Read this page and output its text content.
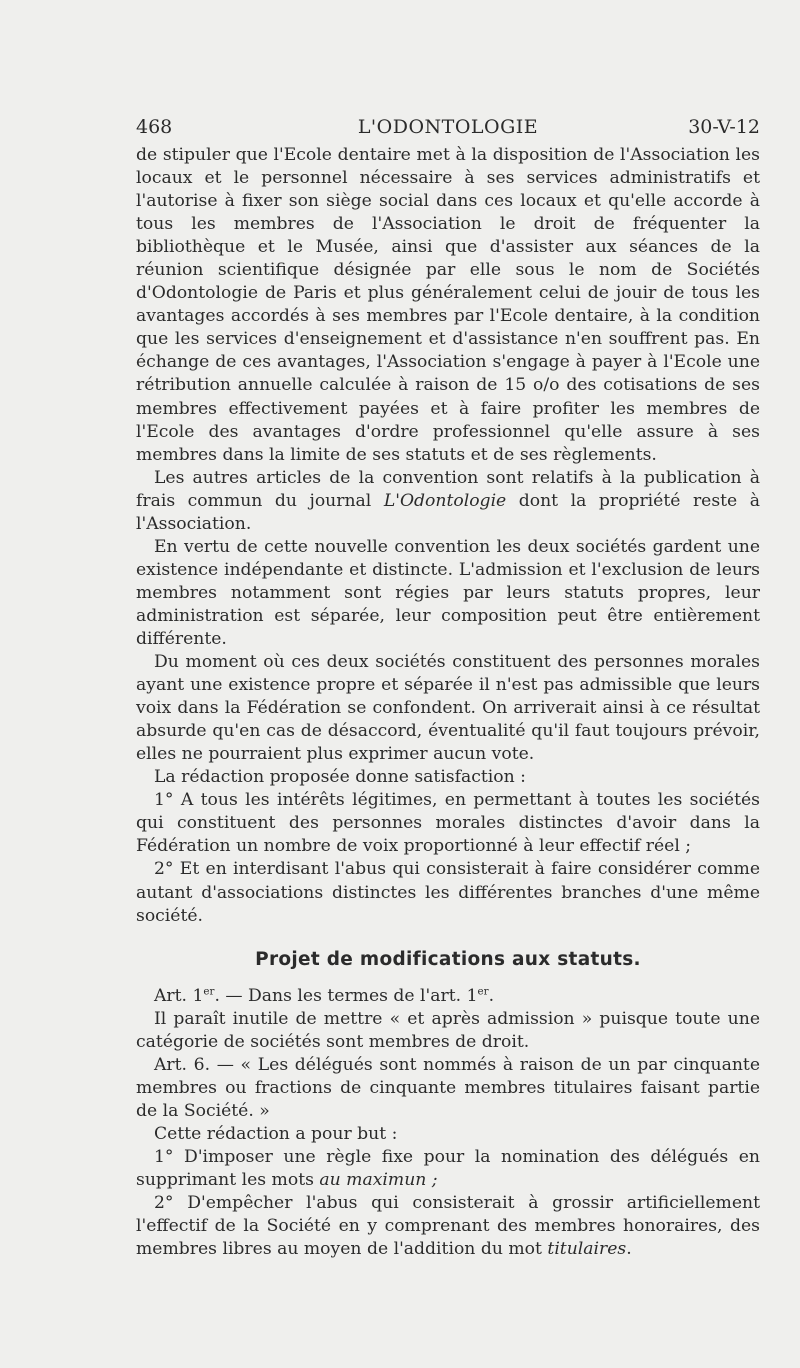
468	L'ODONTOLOGIE	30-V-12

de stipuler que l'Ecole dentaire met à la disposition de l'Association les locaux et le personnel nécessaire à ses services administratifs et l'autorise à fixer son siège social dans ces locaux et qu'elle accorde à tous les membres de l'Association le droit de fréquenter la bibliothèque et le Musée, ainsi que d'assister aux séances de la réunion scientifique désignée par elle sous le nom de Sociétés d'Odontologie de Paris et plus généralement celui de jouir de tous les avantages accordés à ses membres par l'Ecole dentaire, à la condition que les services d'enseignement et d'assistance n'en souffrent pas. En échange de ces avantages, l'Association s'engage à payer à l'Ecole une rétribution annuelle calculée à raison de 15 o/o des cotisations de ses membres effectivement payées et à faire profiter les membres de l'Ecole des avantages d'ordre professionnel qu'elle assure à ses membres dans la limite de ses statuts et de ses règlements.

Les autres articles de la convention sont relatifs à la publication à frais commun du journal L'Odontologie dont la propriété reste à l'Association.

En vertu de cette nouvelle convention les deux sociétés gardent une existence indépendante et distincte. L'admission et l'exclusion de leurs membres notamment sont régies par leurs statuts propres, leur administration est séparée, leur composition peut être entièrement différente.

Du moment où ces deux sociétés constituent des personnes morales ayant une existence propre et séparée il n'est pas admissible que leurs voix dans la Fédération se confondent. On arriverait ainsi à ce résultat absurde qu'en cas de désaccord, éventualité qu'il faut toujours prévoir, elles ne pourraient plus exprimer aucun vote.

La rédaction proposée donne satisfaction :

1° A tous les intérêts légitimes, en permettant à toutes les sociétés qui constituent des personnes morales distinctes d'avoir dans la Fédération un nombre de voix proportionné à leur effectif réel ;

2° Et en interdisant l'abus qui consisterait à faire considérer comme autant d'associations distinctes les différentes branches d'une même société.

Projet de modifications aux statuts.

Art. 1er. — Dans les termes de l'art. 1er.

Il paraît inutile de mettre « et après admission » puisque toute une catégorie de sociétés sont membres de droit.

Art. 6. — « Les délégués sont nommés à raison de un par cinquante membres ou fractions de cinquante membres titulaires faisant partie de la Société. »

Cette rédaction a pour but :

1° D'imposer une règle fixe pour la nomination des délégués en supprimant les mots au maximun ;

2° D'empêcher l'abus qui consisterait à grossir artificiellement l'effectif de la Société en y comprenant des membres honoraires, des membres libres au moyen de l'addition du mot titulaires.
